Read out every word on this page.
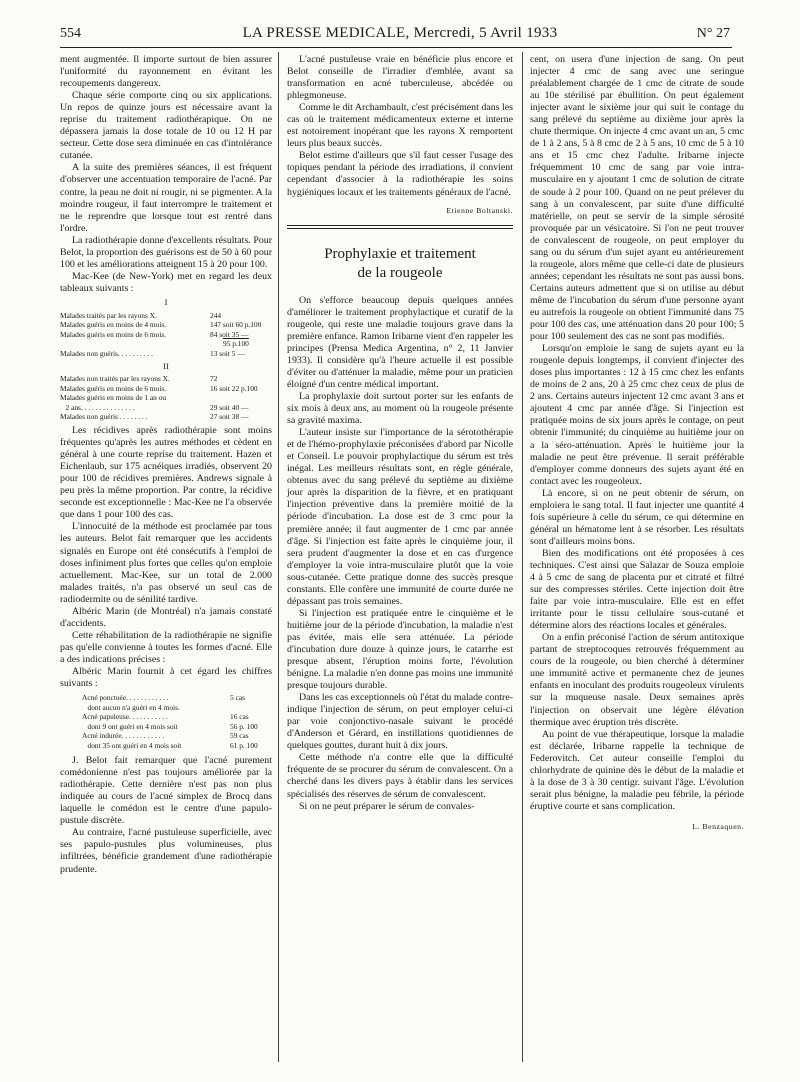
554	LA PRESSE MEDICALE, Mercredi, 5 Avril 1933	N° 27

ment augmentée. Il importe surtout de bien assurer l'uniformité du rayonnement en évitant les recoupements dangereux.

Chaque série comporte cinq ou six applications. Un repos de quinze jours est nécessaire avant la reprise du traitement radiothérapique. On ne dépassera jamais la dose totale de 10 ou 12 H par secteur. Cette dose sera diminuée en cas d'intolérance cutanée.

A la suite des premières séances, il est fréquent d'observer une accentuation temporaire de l'acné. Par contre, la peau ne doit ni rougir, ni se pigmenter. A la moindre rougeur, il faut interrompre le traitement et ne le reprendre que lorsque tout est rentré dans l'ordre.

La radiothérapie donne d'excellents résultats. Pour Belot, la proportion des guérisons est de 50 à 60 pour 100 et les améliorations atteignent 15 à 20 pour 100.

Mac-Kee (de New-York) met en regard les deux tableaux suivants :

I
Malades traités par les rayons X.	244
Malades guéris en moins de 4 mois.	147 soit 60 p.100
Malades guéris en moins de 6 mois.	84 soit 35 —
95 p.100
Malades non guéris. . . . . . . . . .	13 soit 5 —
II
Malades non traités par les rayons X.	72
Malades guéris en moins de 6 mois.	16 soit 22 p.100
Malades guéris en moins de 1 an ou
2 ans. . . . . . . . . . . . . . .	29 soit 40 —
Malades non guéris . . . . . . . .	27 soit 38 —

Les récidives après radiothérapie sont moins fréquentes qu'après les autres méthodes et cèdent en général à une courte reprise du traitement. Hazen et Eichenlaub, sur 175 acnéiques irradiés, observent 20 pour 100 de récidives premières. Andrews signale à peu près la même proportion. Par contre, la récidive seconde est exceptionnelle : Mac-Kee ne l'a observée que dans 1 pour 100 des cas.

L'innocuité de la méthode est proclamée par tous les auteurs. Belot fait remarquer que les accidents signalés en Europe ont été consécutifs à l'emploi de doses infiniment plus fortes que celles qu'on emploie actuellement. Mac-Kee, sur un total de 2.000 malades traités, n'a pas observé un seul cas de radiodermite ou de sénilité tardive.

Albéric Marin (de Montréal) n'a jamais constaté d'accidents.

Cette réhabilitation de la radiothérapie ne signifie pas qu'elle convienne à toutes les formes d'acné. Elle a des indications précises :

Albéric Marin fournit à cet égard les chiffres suivants :

Acné ponctuée. . . . . . . . . . . .	5 cas
dont aucun n'a guéri en 4 mois.
Acné papuleuse. . . . . . . . . . .	16 cas
dont 9 ont guéri en 4 mois soit	56 p. 100
Acné indurée. . . . . . . . . . . .	59 cas
dont 35 ont guéri en 4 mois soit	61 p. 100

J. Belot fait remarquer que l'acné purement comédonienne n'est pas toujours améliorée par la radiothérapie. Cette dernière n'est pas non plus indiquée au cours de l'acné simplex de Brocq dans laquelle le comédon est le centre d'une papulo-pustule discrète.

Au contraire, l'acné pustuleuse superficielle, avec ses papulo-pustules plus volumineuses, plus infiltrées, bénéficie grandement d'une radiothérapie prudente.

L'acné pustuleuse vraie en bénéficie plus encore et Belot conseille de l'irradier d'emblée, avant sa transformation en acné tuberculeuse, abcédée ou phlegmoneuse.

Comme le dit Archambault, c'est précisément dans les cas où le traitement médicamenteux externe et interne est notoirement inopérant que les rayons X remportent leurs plus beaux succès.

Belot estime d'ailleurs que s'il faut cesser l'usage des topiques pendant la période des irradiations, il convient cependant d'associer à la radiothérapie les soins hygiéniques locaux et les traitements généraux de l'acné.

Etienne Boltanski.
Prophylaxie et traitement
de la rougeole

On s'efforce beaucoup depuis quelques années d'améliorer le traitement prophylactique et curatif de la rougeole, qui reste une maladie toujours grave dans la première enfance. Ramon Iribarne vient d'en rappeler les principes (Prensa Medica Argentina, n° 2, 11 Janvier 1933). Il considère qu'à l'heure actuelle il est possible d'éviter ou d'atténuer la maladie, même pour un praticien éloigné d'un centre médical important.

La prophylaxie doit surtout porter sur les enfants de six mois à deux ans, au moment où la rougeole présente sa gravité maxima.

L'auteur insiste sur l'importance de la sérotothérapie et de l'hémo-prophylaxie préconisées d'abord par Nicolle et Conseil. Le pouvoir prophylactique du sérum est très inégal. Les meilleurs résultats sont, en règle générale, obtenus avec du sang prélevé du septième au dixième jour après la disparition de la fièvre, et en pratiquant l'injection préventive dans la première moitié de la période d'incubation. La dose est de 3 cmc pour la première année; il faut augmenter de 1 cmc par année d'âge. Si l'injection est faite après le cinquième jour, il sera prudent d'augmenter la dose et en cas d'urgence d'employer la voie intra-musculaire plutôt que la voie sous-cutanée. Cette pratique donne des succès presque constants. Elle confère une immunité de courte durée ne dépassant pas trois semaines.

Si l'injection est pratiquée entre le cinquième et le huitième jour de la période d'incubation, la maladie n'est pas évitée, mais elle sera atténuée. La période d'incubation dure douze à quinze jours, le catarrhe est presque absent, l'éruption moins forte, l'évolution bénigne. La maladie n'en donne pas moins une immunité presque toujours durable.

Dans les cas exceptionnels où l'état du malade contre-indique l'injection de sérum, on peut employer celui-ci par voie conjonctivo-nasale suivant le procédé d'Anderson et Gérard, en instillations quotidiennes de quelques gouttes, durant huit à dix jours.

Cette méthode n'a contre elle que la difficulté fréquente de se procurer du sérum de convalescent. On a cherché dans les divers pays à établir dans les services spécialisés des réserves de sérum de convalescent.

Si on ne peut préparer le sérum de convales-

cent, on usera d'une injection de sang. On peut injecter 4 cmc de sang avec une seringue préalablement chargée de 1 cmc de citrate de soude au 10e stérilisé par ébullition. On peut également injecter avant le sixième jour qui suit le contage du sang prélevé du septième au dixième jour après la chute thermique. On injecte 4 cmc avant un an, 5 cmc de 1 à 2 ans, 5 à 8 cmc de 2 à 5 ans, 10 cmc de 5 à 10 ans et 15 cmc chez l'adulte. Iribarne injecte fréquemment 10 cmc de sang par voie intra-musculaire en y ajoutant 1 cmc de solution de citrate de soude à 2 pour 100. Quand on ne peut prélever du sang à un convalescent, par suite d'une difficulté matérielle, on peut se servir de la simple sérosité provoquée par un vésicatoire. Si l'on ne peut trouver de convalescent de rougeole, on peut employer du sang ou du sérum d'un sujet ayant eu antérieurement la rougeole, alors même que celle-ci date de plusieurs années; cependant les résultats ne sont pas aussi bons. Certains auteurs admettent que si on utilise au début même de l'incubation du sérum d'une personne ayant eu autrefois la rougeole on obtient l'immunité dans 75 pour 100 des cas, une atténuation dans 20 pour 100; 5 pour 100 seulement des cas ne sont pas modifiés.

Lorsqu'on emploie le sang de sujets ayant eu la rougeole depuis longtemps, il convient d'injecter des doses plus importantes : 12 à 15 cmc chez les enfants de moins de 2 ans, 20 à 25 cmc chez ceux de plus de 2 ans. Certains auteurs injectent 12 cmc avant 3 ans et ajoutent 4 cmc par année d'âge. Si l'injection est pratiquée moins de six jours après le contage, on peut obtenir l'immunité; du cinquième au huitième jour on a la séro-atténuation. Après le huitième jour la maladie ne peut être prévenue. Il serait préférable d'employer comme donneurs des sujets ayant été en contact avec les rougeoleux.

Là encore, si on ne peut obtenir de sérum, on emploiera le sang total. Il faut injecter une quantité 4 fois supérieure à celle du sérum, ce qui détermine en général un hématome lent à se résorber. Les résultats sont d'ailleurs moins bons.

Bien des modifications ont été proposées à ces techniques. C'est ainsi que Salazar de Souza emploie 4 à 5 cmc de sang de placenta pur et citraté et filtré sur des compresses stériles. Cette injection doit être faite par voie intra-musculaire. Elle est en effet irritante pour le tissu cellulaire sous-cutané et détermine alors des réactions locales et générales.

On a enfin préconisé l'action de sérum antitoxique partant de streptocoques retrouvés fréquemment au cours de la rougeole, ou bien cherché à déterminer une immunité active et permanente chez de jeunes enfants en inoculant des produits rougeoleux virulents sur la muqueuse nasale. Deux semaines après l'injection on observait une légère élévation thermique avec éruption très discrète.

Au point de vue thérapeutique, lorsque la maladie est déclarée, Iribarne rappelle la technique de Federovitch. Cet auteur conseille l'emploi du chlorhydrate de quinine dès le début de la maladie et à la dose de 3 à 30 centigr. suivant l'âge. L'évolution serait plus bénigne, la maladie peu fébrile, la période éruptive courte et sans complication.

L. Benzaquen.
